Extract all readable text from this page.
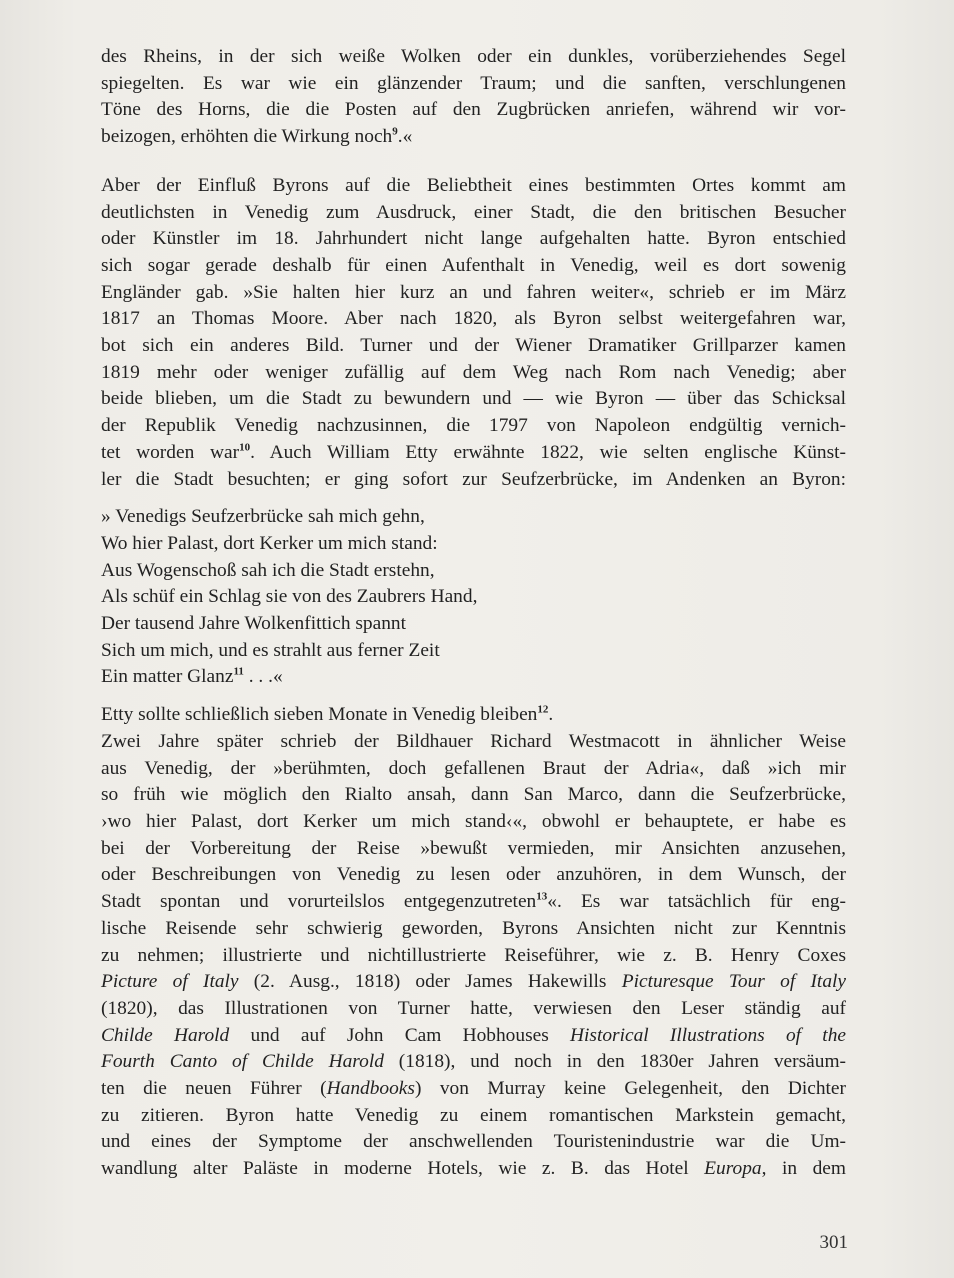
des Rheins, in der sich weiße Wolken oder ein dunkles, vorüberziehendes Segel
spiegelten. Es war wie ein glänzender Traum; und die sanften, verschlungenen
Töne des Horns, die die Posten auf den Zugbrücken anriefen, während wir vor-
beizogen, erhöhten die Wirkung noch$^9$.«
Aber der Einfluß Byrons auf die Beliebtheit eines bestimmten Ortes kommt am
deutlichsten in Venedig zum Ausdruck, einer Stadt, die den britischen Besucher
oder Künstler im 18. Jahrhundert nicht lange aufgehalten hatte. Byron entschied
sich sogar gerade deshalb für einen Aufenthalt in Venedig, weil es dort sowenig
Engländer gab. »Sie halten hier kurz an und fahren weiter«, schrieb er im März
1817 an Thomas Moore. Aber nach 1820, als Byron selbst weitergefahren war,
bot sich ein anderes Bild. Turner und der Wiener Dramatiker Grillparzer kamen
1819 mehr oder weniger zufällig auf dem Weg nach Rom nach Venedig; aber
beide blieben, um die Stadt zu bewundern und — wie Byron — über das Schicksal
der Republik Venedig nachzusinnen, die 1797 von Napoleon endgültig vernich-
tet worden war$^{10}$. Auch William Etty erwähnte 1822, wie selten englische Künst-
ler die Stadt besuchten; er ging sofort zur Seufzerbrücke, im Andenken an Byron:
» Venedigs Seufzerbrücke sah mich gehn,
Wo hier Palast, dort Kerker um mich stand:
Aus Wogenschoß sah ich die Stadt erstehn,
Als schüf ein Schlag sie von des Zaubrers Hand,
Der tausend Jahre Wolkenfittich spannt
Sich um mich, und es strahlt aus ferner Zeit
Ein matter Glanz$^{11}$ . . .«
Etty sollte schließlich sieben Monate in Venedig bleiben$^{12}$.
Zwei Jahre später schrieb der Bildhauer Richard Westmacott in ähnlicher Weise
aus Venedig, der »berühmten, doch gefallenen Braut der Adria«, daß »ich mir
so früh wie möglich den Rialto ansah, dann San Marco, dann die Seufzerbrücke,
›wo hier Palast, dort Kerker um mich stand‹«, obwohl er behauptete, er habe es
bei der Vorbereitung der Reise »bewußt vermieden, mir Ansichten anzusehen,
oder Beschreibungen von Venedig zu lesen oder anzuhören, in dem Wunsch, der
Stadt spontan und vorurteilslos entgegenzutreten$^{13}$«. Es war tatsächlich für eng-
lische Reisende sehr schwierig geworden, Byrons Ansichten nicht zur Kenntnis
zu nehmen; illustrierte und nichtillustrierte Reiseführer, wie z. B. Henry Coxes
Picture of Italy (2. Ausg., 1818) oder James Hakewills Picturesque Tour of Italy
(1820), das Illustrationen von Turner hatte, verwiesen den Leser ständig auf
Childe Harold und auf John Cam Hobhouses Historical Illustrations of the
Fourth Canto of Childe Harold (1818), und noch in den 1830er Jahren versäum-
ten die neuen Führer (Handbooks) von Murray keine Gelegenheit, den Dichter
zu zitieren. Byron hatte Venedig zu einem romantischen Markstein gemacht,
und eines der Symptome der anschwellenden Touristenindustrie war die Um-
wandlung alter Paläste in moderne Hotels, wie z. B. das Hotel Europa, in dem
301
